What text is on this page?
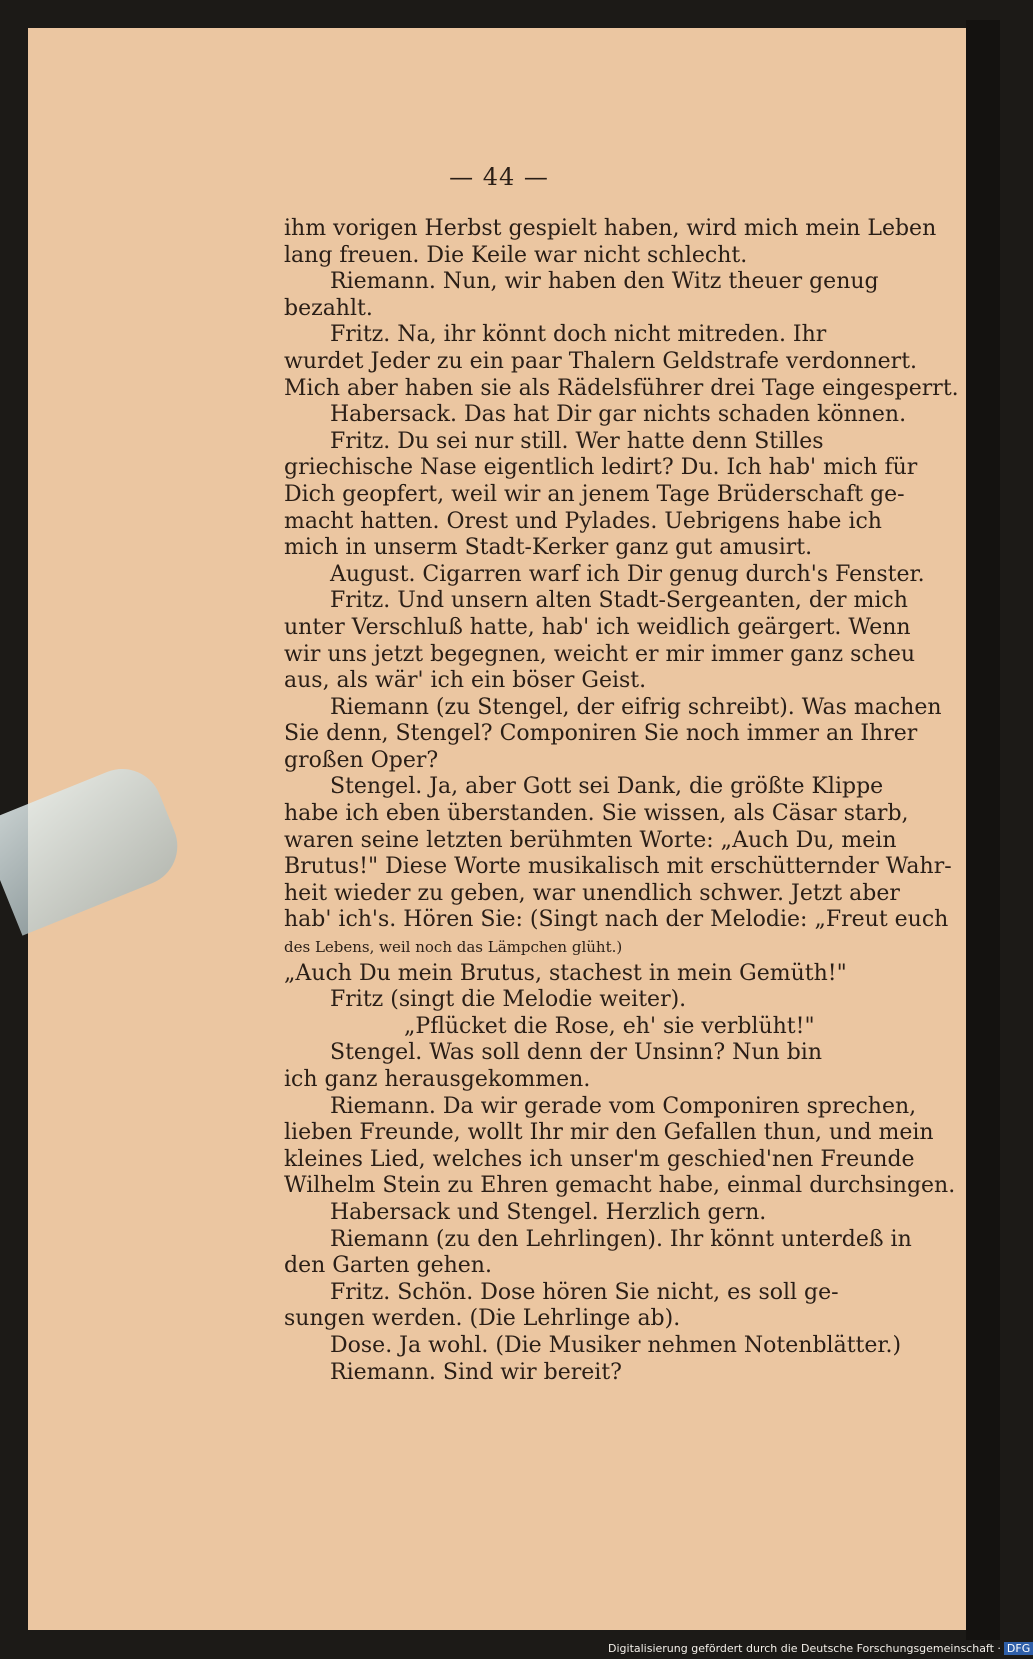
— 44 —
ihm vorigen Herbst gespielt haben, wird mich mein Leben
lang freuen. Die Keile war nicht schlecht.
Riemann. Nun, wir haben den Witz theuer genug
bezahlt.
Fritz. Na, ihr könnt doch nicht mitreden. Ihr
wurdet Jeder zu ein paar Thalern Geldstrafe verdonnert.
Mich aber haben sie als Rädelsführer drei Tage eingesperrt.
Habersack. Das hat Dir gar nichts schaden können.
Fritz. Du sei nur still. Wer hatte denn Stilles
griechische Nase eigentlich ledirt? Du. Ich hab' mich für
Dich geopfert, weil wir an jenem Tage Brüderschaft ge-
macht hatten. Orest und Pylades. Uebrigens habe ich
mich in unserm Stadt-Kerker ganz gut amusirt.
August. Cigarren warf ich Dir genug durch's Fenster.
Fritz. Und unsern alten Stadt-Sergeanten, der mich
unter Verschluß hatte, hab' ich weidlich geärgert. Wenn
wir uns jetzt begegnen, weicht er mir immer ganz scheu
aus, als wär' ich ein böser Geist.
Riemann (zu Stengel, der eifrig schreibt). Was machen
Sie denn, Stengel? Componiren Sie noch immer an Ihrer
großen Oper?
Stengel. Ja, aber Gott sei Dank, die größte Klippe
habe ich eben überstanden. Sie wissen, als Cäsar starb,
waren seine letzten berühmten Worte: „Auch Du, mein
Brutus!" Diese Worte musikalisch mit erschütternder Wahr-
heit wieder zu geben, war unendlich schwer. Jetzt aber
hab' ich's. Hören Sie: (Singt nach der Melodie: „Freut euch
des Lebens, weil noch das Lämpchen glüht.)
„Auch Du mein Brutus, stachest in mein Gemüth!"
Fritz (singt die Melodie weiter).
„Pflücket die Rose, eh' sie verblüht!"
Stengel. Was soll denn der Unsinn? Nun bin
ich ganz herausgekommen.
Riemann. Da wir gerade vom Componiren sprechen,
lieben Freunde, wollt Ihr mir den Gefallen thun, und mein
kleines Lied, welches ich unser'm geschied'nen Freunde
Wilhelm Stein zu Ehren gemacht habe, einmal durchsingen.
Habersack und Stengel. Herzlich gern.
Riemann (zu den Lehrlingen). Ihr könnt unterdeß in
den Garten gehen.
Fritz. Schön. Dose hören Sie nicht, es soll ge-
sungen werden. (Die Lehrlinge ab).
Dose. Ja wohl. (Die Musiker nehmen Notenblätter.)
Riemann. Sind wir bereit?
Digitalisierung gefördert durch die Deutsche Forschungsgemeinschaft · DFG
